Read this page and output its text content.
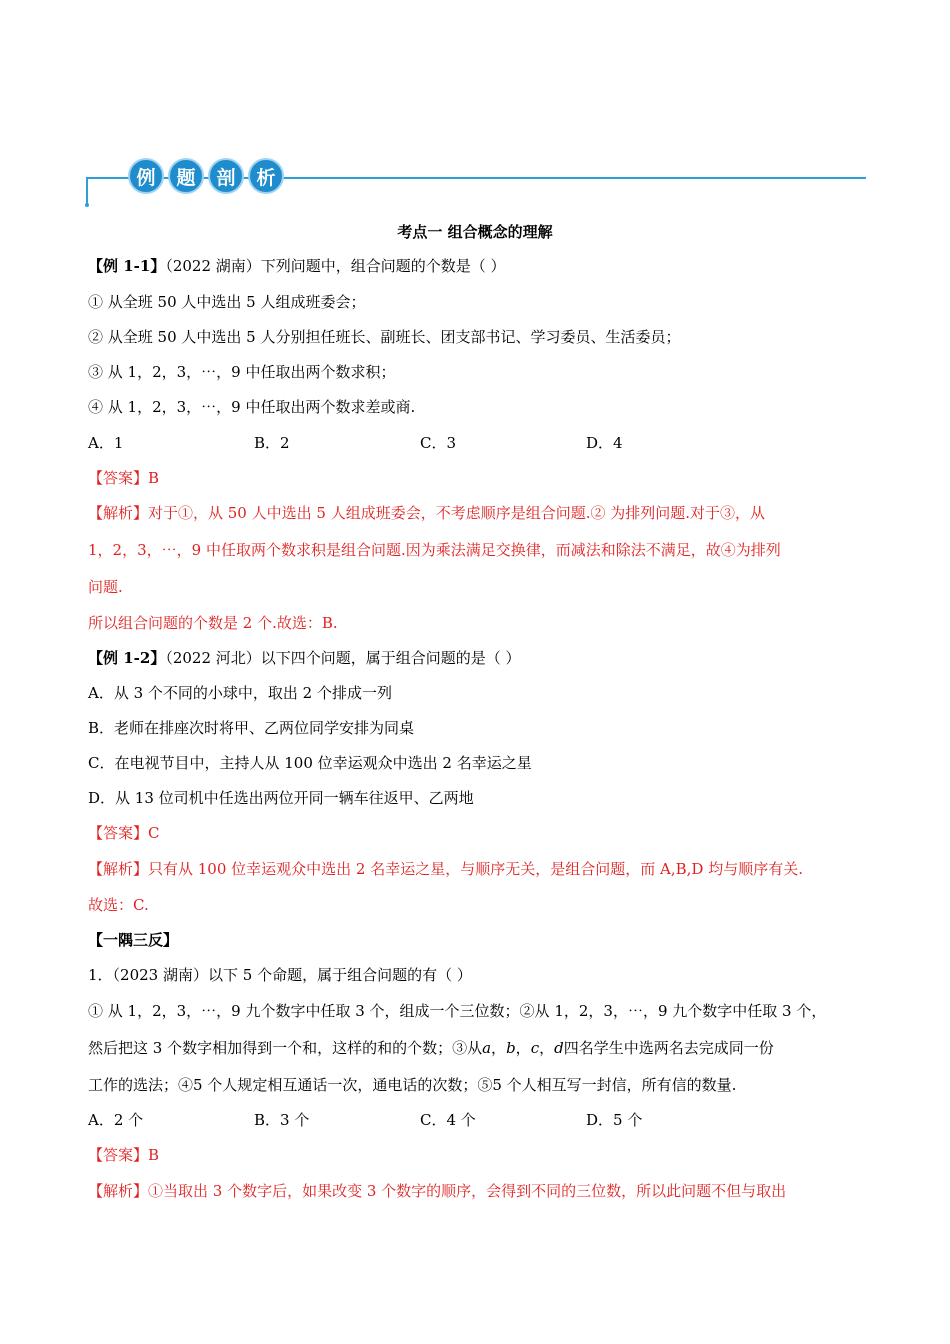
例	题	剖	析
考点一 组合概念的理解
【例 1-1】（2022 湖南）下列问题中，组合问题的个数是（ ）
① 从全班 50 人中选出 5 人组成班委会；
② 从全班 50 人中选出 5 人分别担任班长、副班长、团支部书记、学习委员、生活委员；
③ 从 1，2，3，⋯，9 中任取出两个数求积；
④ 从 1，2，3，⋯，9 中任取出两个数求差或商.
A．1	B．2	C．3	D．4
【答案】B
【解析】对于①，从 50 人中选出 5 人组成班委会，不考虑顺序是组合问题.② 为排列问题.对于③，从
1，2，3，⋯，9 中任取两个数求积是组合问题.因为乘法满足交换律，而减法和除法不满足，故④为排列
问题.
所以组合问题的个数是 2 个.故选：B.
【例 1-2】（2022 河北）以下四个问题，属于组合问题的是（ ）
A．从 3 个不同的小球中，取出 2 个排成一列
B．老师在排座次时将甲、乙两位同学安排为同桌
C．在电视节目中，主持人从 100 位幸运观众中选出 2 名幸运之星
D．从 13 位司机中任选出两位开同一辆车往返甲、乙两地
【答案】C
【解析】只有从 100 位幸运观众中选出 2 名幸运之星，与顺序无关，是组合问题，而 A,B,D 均与顺序有关.
故选：C.
【一隅三反】
1．（2023 湖南）以下 5 个命题，属于组合问题的有（ ）
① 从 1，2，3，⋯，9 九个数字中任取 3 个，组成一个三位数；②从 1，2，3，⋯，9 九个数字中任取 3 个，
然后把这 3 个数字相加得到一个和，这样的和的个数；③从a，b，c，d四名学生中选两名去完成同一份
工作的选法；④5 个人规定相互通话一次，通电话的次数；⑤5 个人相互写一封信，所有信的数量.
A．2 个	B．3 个	C．4 个	D．5 个
【答案】B
【解析】①当取出 3 个数字后，如果改变 3 个数字的顺序，会得到不同的三位数，所以此问题不但与取出
